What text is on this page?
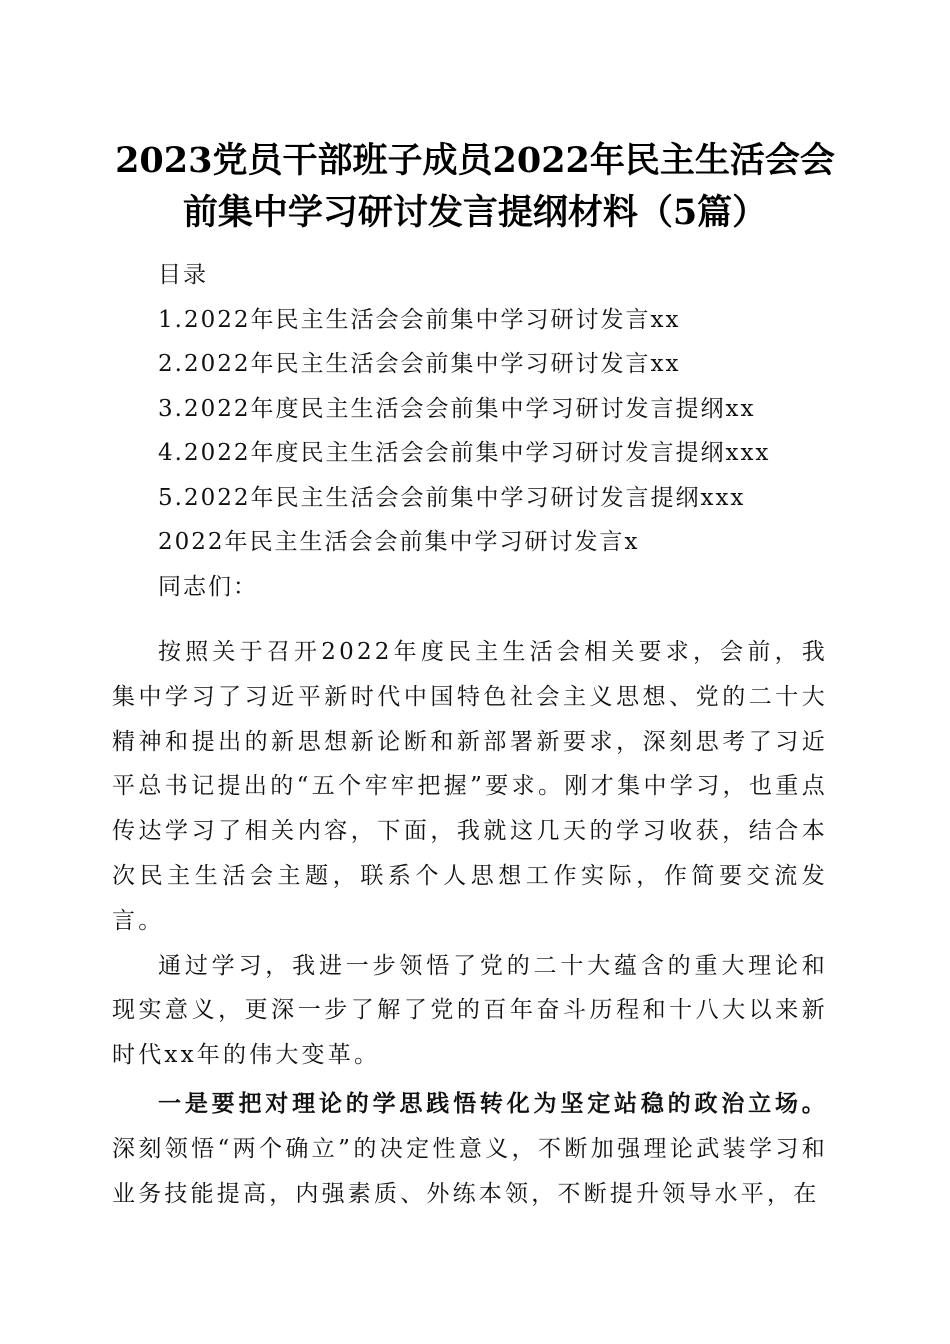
2023党员干部班子成员2022年民主生活会会
前集中学习研讨发言提纲材料（5篇）
目录
1.2022年民主生活会会前集中学习研讨发言xx
2.2022年民主生活会会前集中学习研讨发言xx
3.2022年度民主生活会会前集中学习研讨发言提纲xx
4.2022年度民主生活会会前集中学习研讨发言提纲xxx
5.2022年民主生活会会前集中学习研讨发言提纲xxx
2022年民主生活会会前集中学习研讨发言x
同志们：

按照关于召开2022年度民主生活会相关要求，会前，我集中学习了习近平新时代中国特色社会主义思想、党的二十大精神和提出的新思想新论断和新部署新要求，深刻思考了习近平总书记提出的“五个牢牢把握”要求。刚才集中学习，也重点传达学习了相关内容，下面，我就这几天的学习收获，结合本次民主生活会主题，联系个人思想工作实际，作简要交流发言。

通过学习，我进一步领悟了党的二十大蕴含的重大理论和现实意义，更深一步了解了党的百年奋斗历程和十八大以来新时代xx年的伟大变革。

一是要把对理论的学思践悟转化为坚定站稳的政治立场。深刻领悟“两个确立”的决定性意义，不断加强理论武装学习和业务技能提高，内强素质、外练本领，不断提升领导水平，在
